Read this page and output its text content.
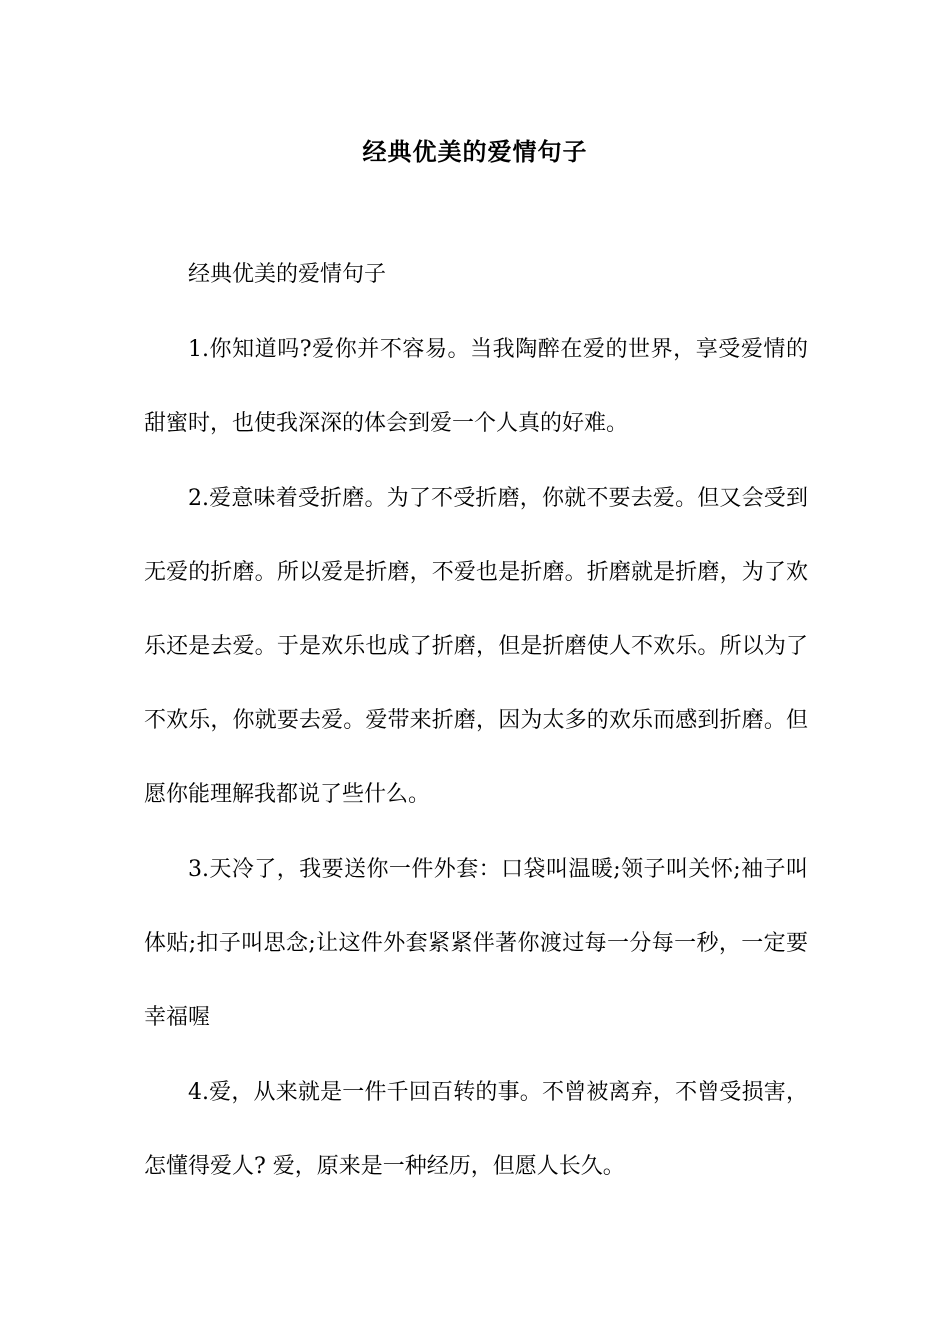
经典优美的爱情句子

经典优美的爱情句子

1.你知道吗?爱你并不容易。当我陶醉在爱的世界，享受爱情的甜蜜时，也使我深深的体会到爱一个人真的好难。

2.爱意味着受折磨。为了不受折磨，你就不要去爱。但又会受到无爱的折磨。所以爱是折磨，不爱也是折磨。折磨就是折磨，为了欢乐还是去爱。于是欢乐也成了折磨，但是折磨使人不欢乐。所以为了不欢乐，你就要去爱。爱带来折磨，因为太多的欢乐而感到折磨。但愿你能理解我都说了些什么。

3.天冷了，我要送你一件外套：口袋叫温暖;领子叫关怀;袖子叫体贴;扣子叫思念;让这件外套紧紧伴著你渡过每一分每一秒，一定要幸福喔

4.爱，从来就是一件千回百转的事。不曾被离弃，不曾受损害，怎懂得爱人? 爱，原来是一种经历，但愿人长久。
